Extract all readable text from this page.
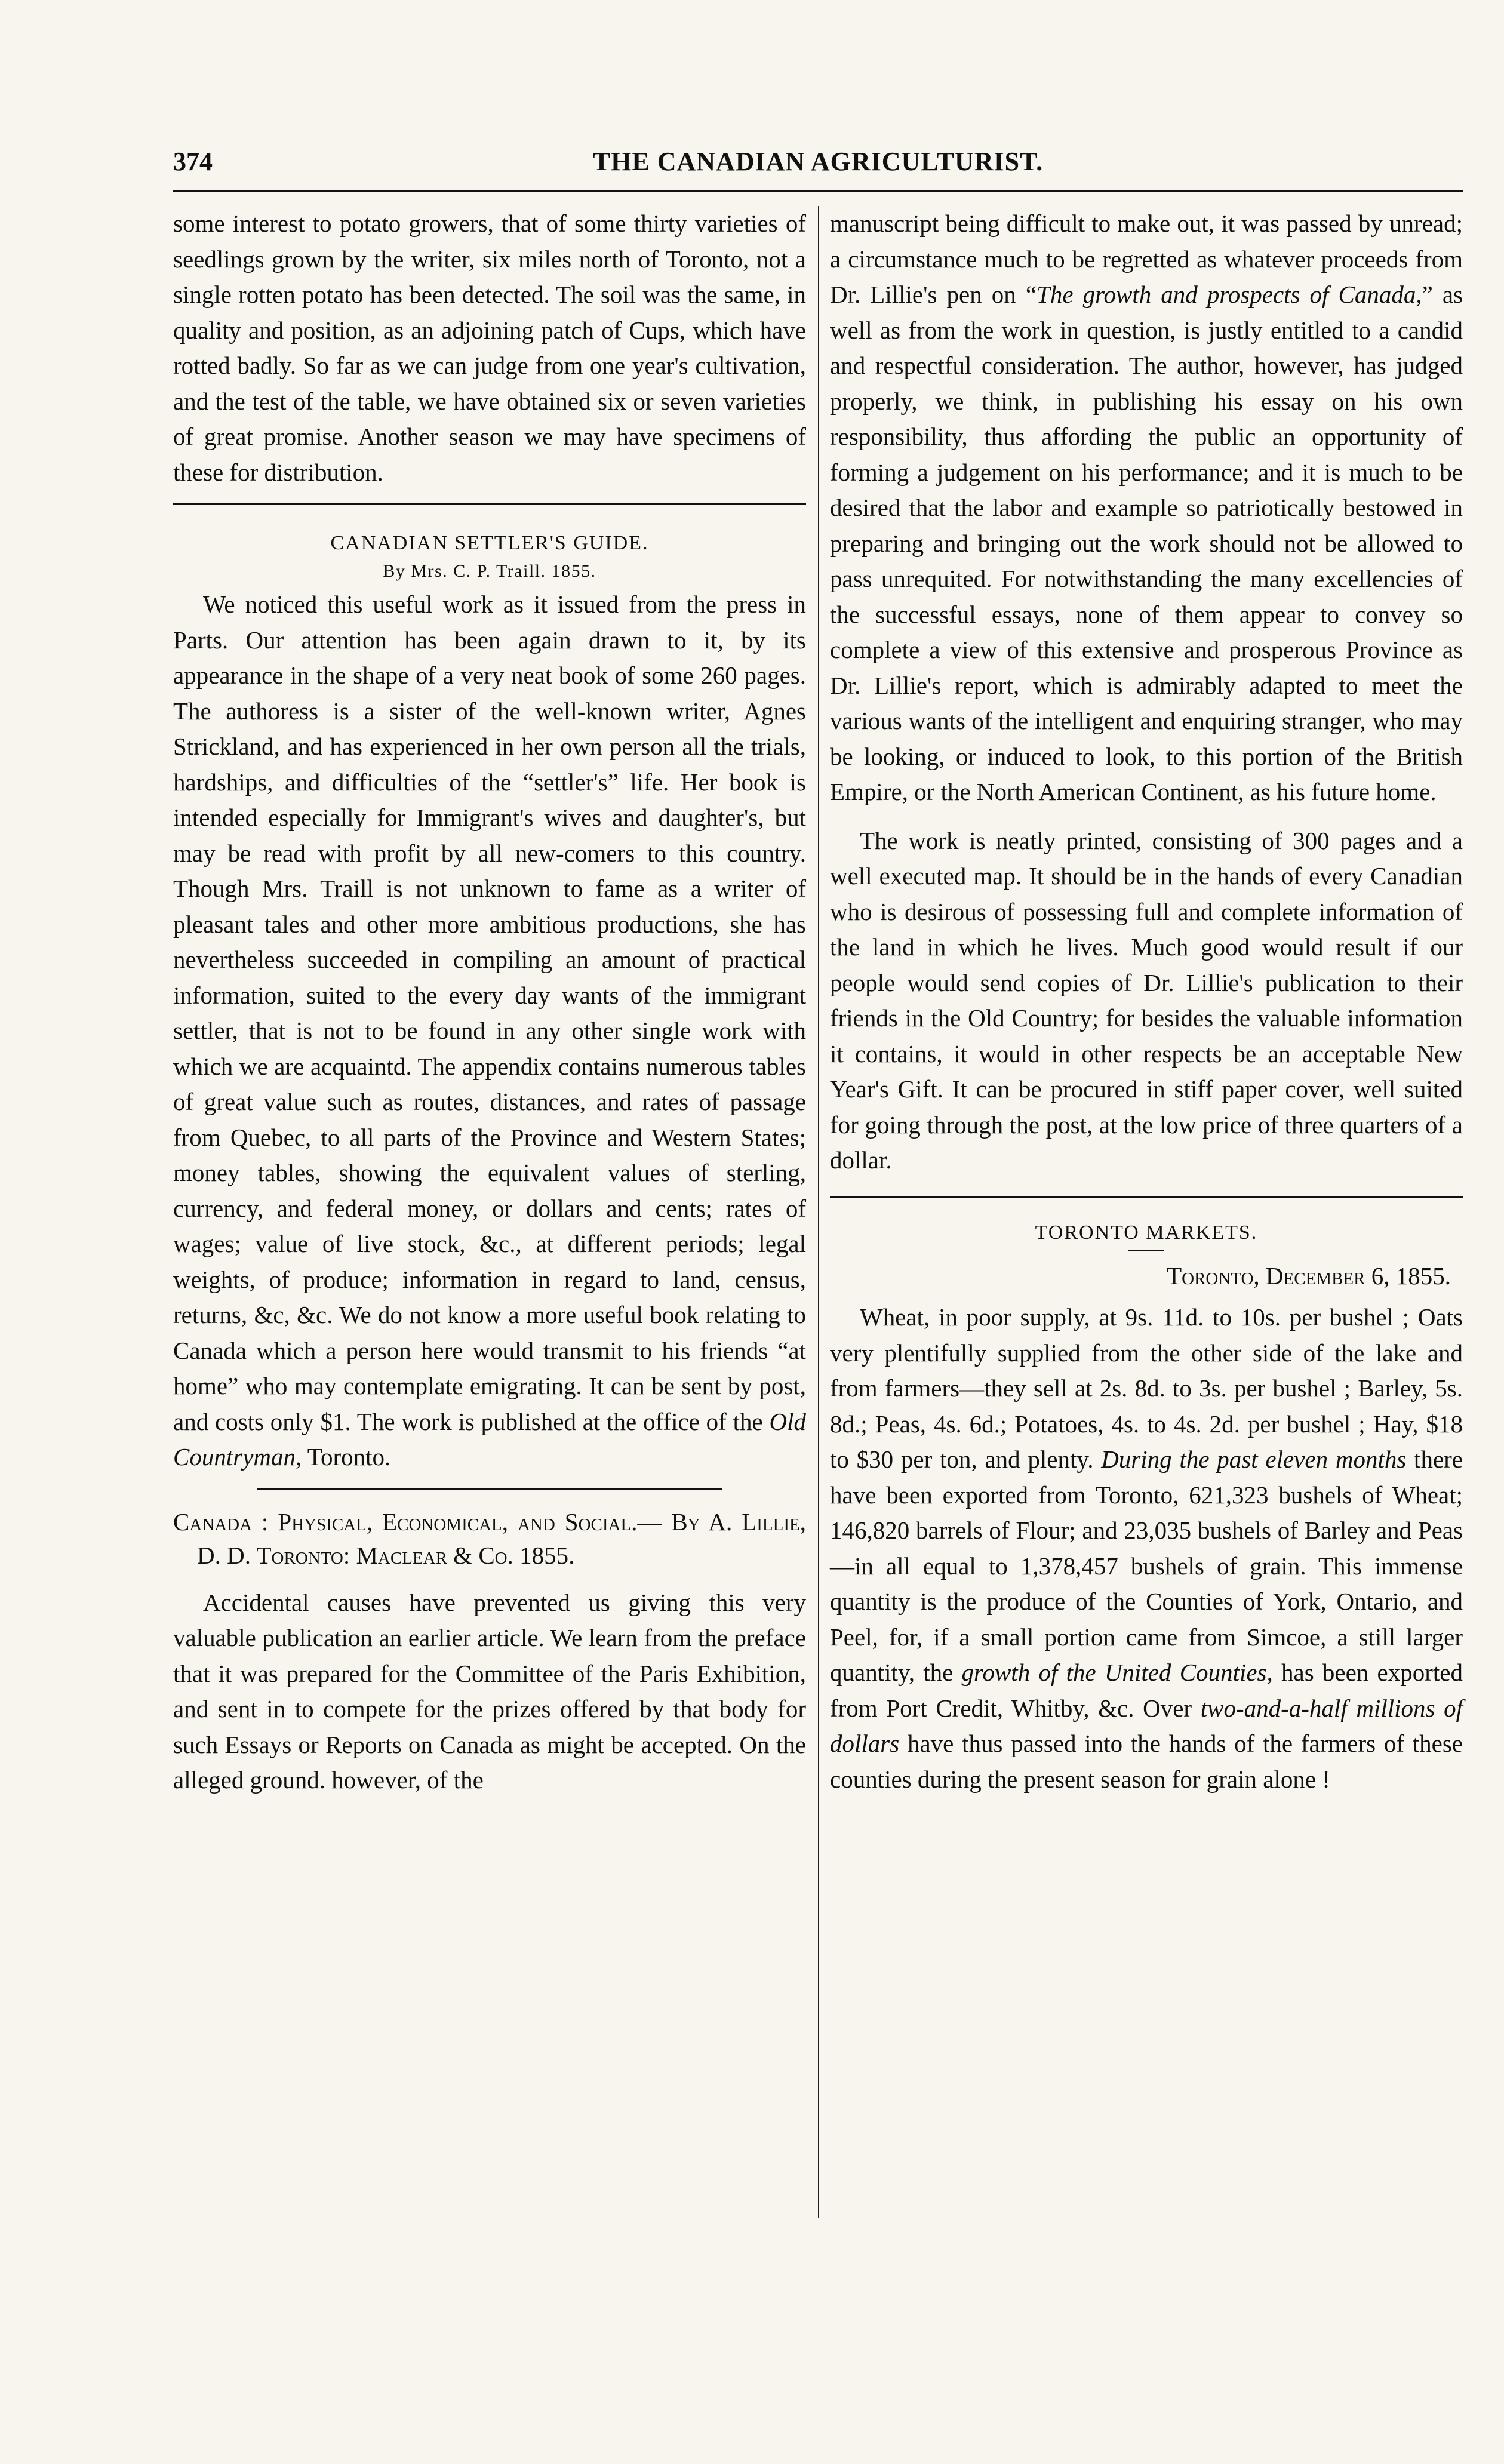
374	THE CANADIAN AGRICULTURIST.

some interest to potato growers, that of some thirty varieties of seedlings grown by the writer, six miles north of Toronto, not a single rotten potato has been detected. The soil was the same, in quality and position, as an adjoining patch of Cups, which have rotted badly. So far as we can judge from one year's cultivation, and the test of the table, we have obtained six or seven varieties of great promise. Another season we may have specimens of these for distribution.

CANADIAN SETTLER'S GUIDE.
By Mrs. C. P. Traill. 1855.

We noticed this useful work as it issued from the press in Parts. Our attention has been again drawn to it, by its appearance in the shape of a very neat book of some 260 pages. The authoress is a sister of the well-known writer, Agnes Strickland, and has experienced in her own person all the trials, hardships, and difficulties of the “settler's” life. Her book is intended especially for Immigrant's wives and daughter's, but may be read with profit by all new-comers to this country. Though Mrs. Traill is not unknown to fame as a writer of pleasant tales and other more ambitious productions, she has nevertheless succeeded in compiling an amount of practical information, suited to the every day wants of the immigrant settler, that is not to be found in any other single work with which we are acquaintd. The appendix contains numerous tables of great value such as routes, distances, and rates of passage from Quebec, to all parts of the Province and Western States; money tables, showing the equivalent values of sterling, currency, and federal money, or dollars and cents; rates of wages; value of live stock, &c., at different periods; legal weights, of produce; information in regard to land, census, returns, &c, &c. We do not know a more useful book relating to Canada which a person here would transmit to his friends “at home” who may contemplate emigrating. It can be sent by post, and costs only $1. The work is published at the office of the Old Countryman, Toronto.

Canada : Physical, Economical, and Social.— By A. Lillie, D. D. Toronto: Maclear & Co. 1855.

Accidental causes have prevented us giving this very valuable publication an earlier article. We learn from the preface that it was prepared for the Committee of the Paris Exhibition, and sent in to compete for the prizes offered by that body for such Essays or Reports on Canada as might be accepted. On the alleged ground. however, of the

manuscript being difficult to make out, it was passed by unread; a circumstance much to be regretted as whatever proceeds from Dr. Lillie's pen on “The growth and prospects of Canada,” as well as from the work in question, is justly entitled to a candid and respectful consideration. The author, however, has judged properly, we think, in publishing his essay on his own responsibility, thus affording the public an opportunity of forming a judgement on his performance; and it is much to be desired that the labor and example so patriotically bestowed in preparing and bringing out the work should not be allowed to pass unrequited. For notwithstanding the many excellencies of the successful essays, none of them appear to convey so complete a view of this extensive and prosperous Province as Dr. Lillie's report, which is admirably adapted to meet the various wants of the intelligent and enquiring stranger, who may be looking, or induced to look, to this portion of the British Empire, or the North American Continent, as his future home.

The work is neatly printed, consisting of 300 pages and a well executed map. It should be in the hands of every Canadian who is desirous of possessing full and complete information of the land in which he lives. Much good would result if our people would send copies of Dr. Lillie's publication to their friends in the Old Country; for besides the valuable information it contains, it would in other respects be an acceptable New Year's Gift. It can be procured in stiff paper cover, well suited for going through the post, at the low price of three quarters of a dollar.

TORONTO MARKETS.

Toronto, December 6, 1855.

Wheat, in poor supply, at 9s. 11d. to 10s. per bushel ; Oats very plentifully supplied from the other side of the lake and from farmers—they sell at 2s. 8d. to 3s. per bushel ; Barley, 5s. 8d.; Peas, 4s. 6d.; Potatoes, 4s. to 4s. 2d. per bushel ; Hay, $18 to $30 per ton, and plenty. During the past eleven months there have been exported from Toronto, 621,323 bushels of Wheat; 146,820 barrels of Flour; and 23,035 bushels of Barley and Peas—in all equal to 1,378,457 bushels of grain. This immense quantity is the produce of the Counties of York, Ontario, and Peel, for, if a small portion came from Simcoe, a still larger quantity, the growth of the United Counties, has been exported from Port Credit, Whitby, &c. Over two-and-a-half millions of dollars have thus passed into the hands of the farmers of these counties during the present season for grain alone !
